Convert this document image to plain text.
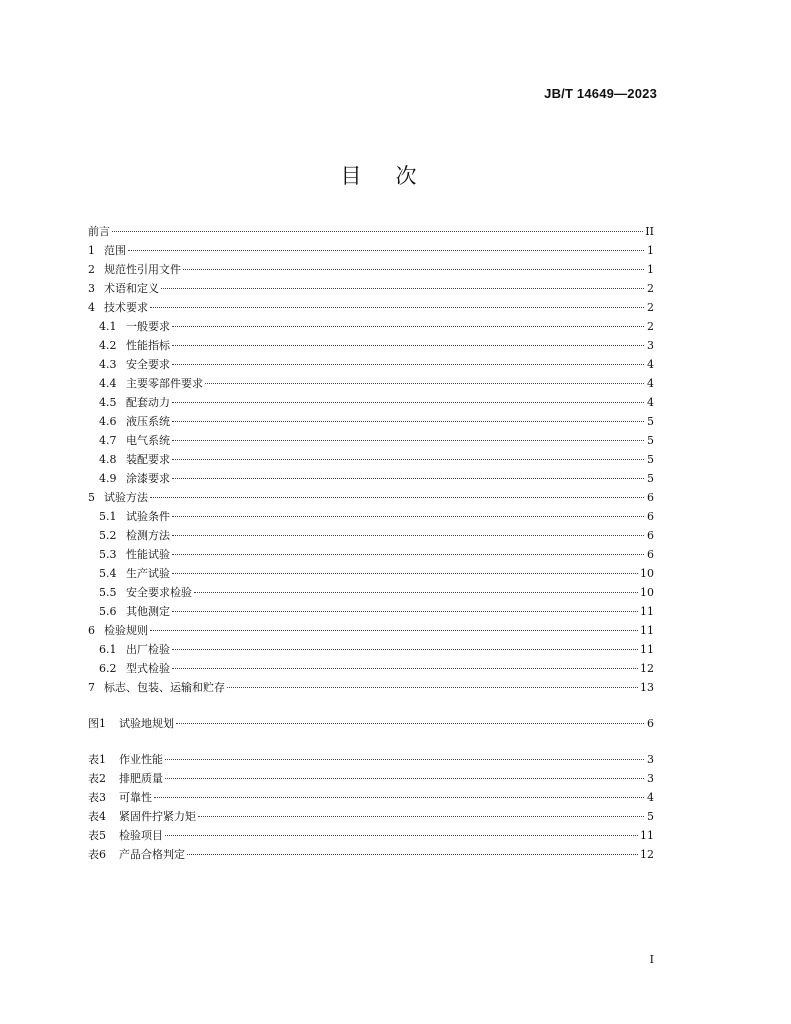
JB/T 14649—2023
目次
前言	II
1 范围	1
2 规范性引用文件	1
3 术语和定义	2
4 技术要求	2
4.1 一般要求	2
4.2 性能指标	3
4.3 安全要求	4
4.4 主要零部件要求	4
4.5 配套动力	4
4.6 液压系统	5
4.7 电气系统	5
4.8 装配要求	5
4.9 涂漆要求	5
5 试验方法	6
5.1 试验条件	6
5.2 检测方法	6
5.3 性能试验	6
5.4 生产试验	10
5.5 安全要求检验	10
5.6 其他测定	11
6 检验规则	11
6.1 出厂检验	11
6.2 型式检验	12
7 标志、包装、运输和贮存	13
图1	试验地规划	6
表1	作业性能	3
表2	排肥质量	3
表3	可靠性	4
表4	紧固件拧紧力矩	5
表5	检验项目	11
表6	产品合格判定	12
I
